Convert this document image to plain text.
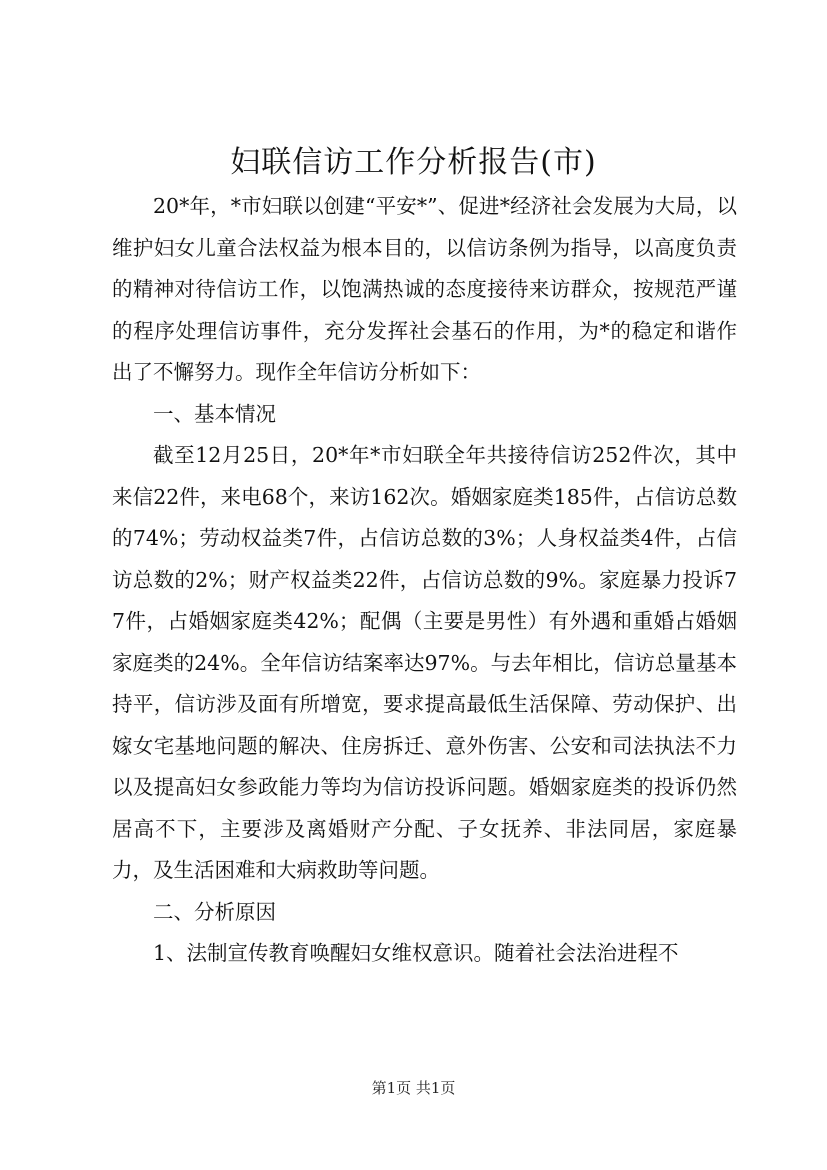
妇联信访工作分析报告(市)

20*年，*市妇联以创建“平安*”、促进*经济社会发展为大局，以维护妇女儿童合法权益为根本目的，以信访条例为指导，以高度负责的精神对待信访工作，以饱满热诚的态度接待来访群众，按规范严谨的程序处理信访事件，充分发挥社会基石的作用，为*的稳定和谐作出了不懈努力。现作全年信访分析如下：

一、基本情况

截至12月25日，20*年*市妇联全年共接待信访252件次，其中来信22件，来电68个，来访162次。婚姻家庭类185件，占信访总数的74%；劳动权益类7件，占信访总数的3%；人身权益类4件，占信访总数的2%；财产权益类22件，占信访总数的9%。家庭暴力投诉77件，占婚姻家庭类42%；配偶（主要是男性）有外遇和重婚占婚姻家庭类的24%。全年信访结案率达97%。与去年相比，信访总量基本持平，信访涉及面有所增宽，要求提高最低生活保障、劳动保护、出嫁女宅基地问题的解决、住房拆迁、意外伤害、公安和司法执法不力以及提高妇女参政能力等均为信访投诉问题。婚姻家庭类的投诉仍然居高不下，主要涉及离婚财产分配、子女抚养、非法同居，家庭暴力，及生活困难和大病救助等问题。

二、分析原因

1、法制宣传教育唤醒妇女维权意识。随着社会法治进程不

第1页 共1页
